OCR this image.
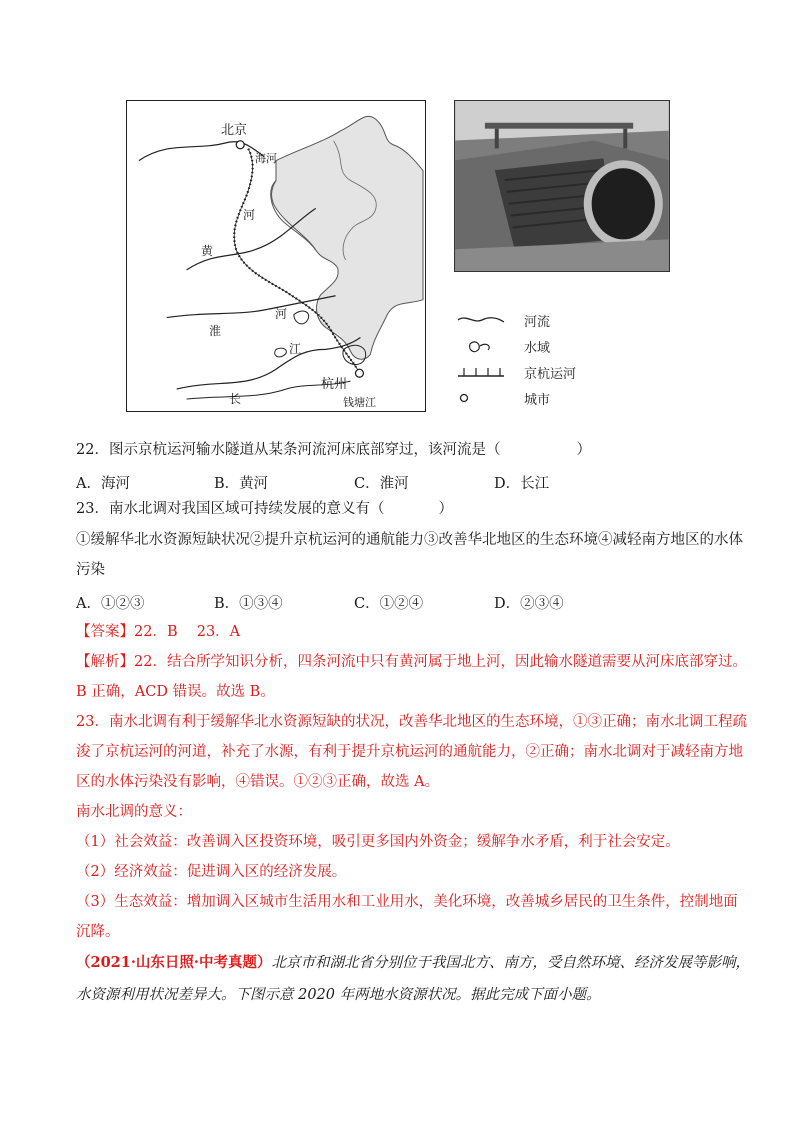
北京
海河
河
黄
河
淮
江
长
杭州
钱塘江
河流
水域
京杭运河
城市
22．图示京杭运河输水隧道从某条河流河床底部穿过，该河流是（	）
A．海河	B．黄河	C．淮河	D．长江
23．南水北调对我国区域可持续发展的意义有（	）
①缓解华北水资源短缺状况②提升京杭运河的通航能力③改善华北地区的生态环境④减轻南方地区的水体
污染
A．①②③	B．①③④	C．①②④	D．②③④
【答案】22．B　 23．A
【解析】22．结合所学知识分析，四条河流中只有黄河属于地上河，因此输水隧道需要从河床底部穿过。
B 正确，ACD 错误。故选 B。
23．南水北调有利于缓解华北水资源短缺的状况，改善华北地区的生态环境，①③正确；南水北调工程疏
浚了京杭运河的河道，补充了水源，有利于提升京杭运河的通航能力，②正确；南水北调对于减轻南方地
区的水体污染没有影响，④错误。①②③正确，故选 A。
南水北调的意义：
（1）社会效益：改善调入区投资环境，吸引更多国内外资金；缓解争水矛盾，利于社会安定。
（2）经济效益：促进调入区的经济发展。
（3）生态效益：增加调入区城市生活用水和工业用水，美化环境，改善城乡居民的卫生条件，控制地面
沉降。
（2021·山东日照·中考真题）北京市和湖北省分别位于我国北方、南方，受自然环境、经济发展等影响，
水资源利用状况差异大。下图示意 2020 年两地水资源状况。据此完成下面小题。
